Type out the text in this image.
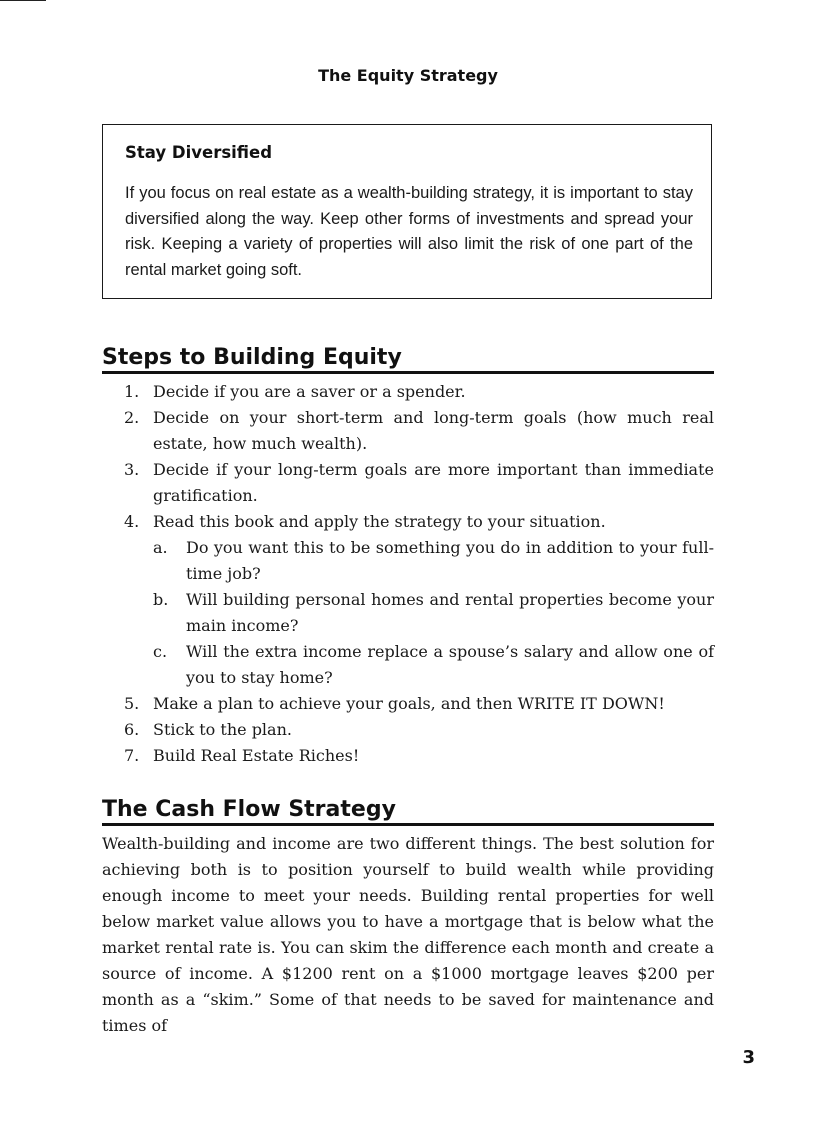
The Equity Strategy
Stay Diversified
If you focus on real estate as a wealth-building strategy, it is important to stay diversified along the way. Keep other forms of investments and spread your risk. Keeping a variety of properties will also limit the risk of one part of the rental market going soft.
Steps to Building Equity
1. Decide if you are a saver or a spender.
2. Decide on your short-term and long-term goals (how much real estate, how much wealth).
3. Decide if your long-term goals are more important than immediate gratification.
4. Read this book and apply the strategy to your situation.
a. Do you want this to be something you do in addition to your full-time job?
b. Will building personal homes and rental properties become your main income?
c. Will the extra income replace a spouse’s salary and allow one of you to stay home?
5. Make a plan to achieve your goals, and then WRITE IT DOWN!
6. Stick to the plan.
7. Build Real Estate Riches!
The Cash Flow Strategy
Wealth-building and income are two different things. The best solution for achieving both is to position yourself to build wealth while providing enough income to meet your needs. Building rental properties for well below market value allows you to have a mortgage that is below what the market rental rate is. You can skim the difference each month and create a source of income. A $1200 rent on a $1000 mortgage leaves $200 per month as a “skim.” Some of that needs to be saved for maintenance and times of
3
